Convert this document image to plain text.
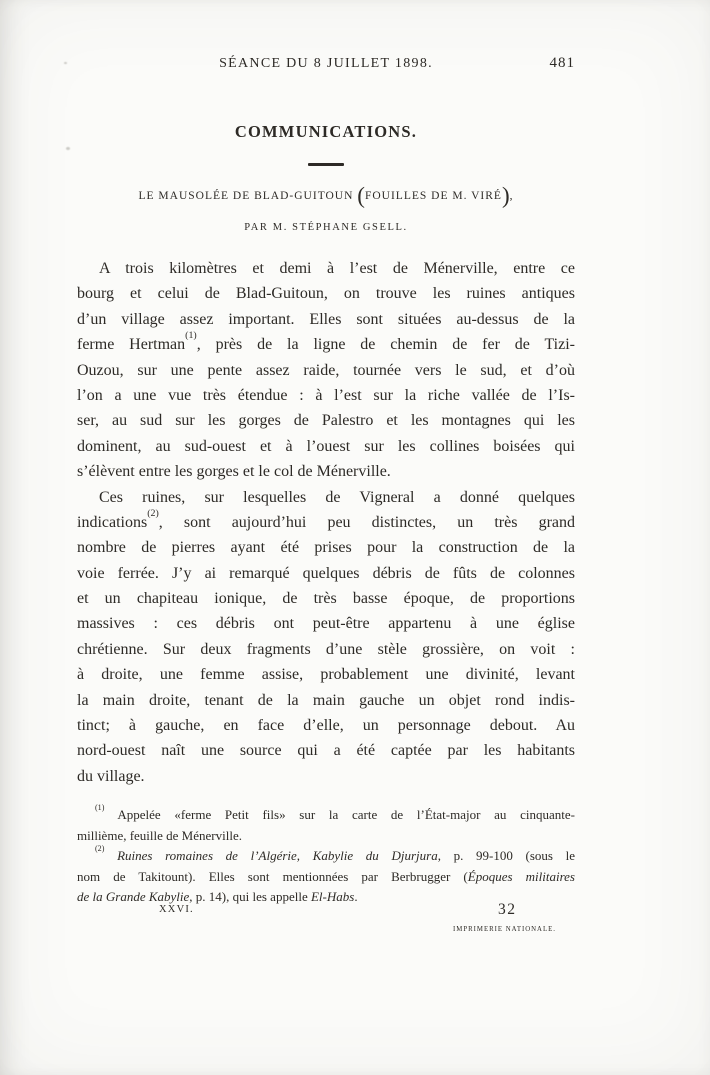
SÉANCE DU 8 JUILLET 1898.	481
COMMUNICATIONS.
LE MAUSOLÉE DE BLAD-GUITOUN (FOUILLES DE M. VIRÉ),
PAR M. STÉPHANE GSELL.
A trois kilomètres et demi à l’est de Ménerville, entre ce
bourg et celui de Blad-Guitoun, on trouve les ruines antiques
d’un village assez important. Elles sont situées au-dessus de la
ferme Hertman$^{(1)}$, près de la ligne de chemin de fer de Tizi-
Ouzou, sur une pente assez raide, tournée vers le sud, et d’où
l’on a une vue très étendue : à l’est sur la riche vallée de l’Is-
ser, au sud sur les gorges de Palestro et les montagnes qui les
dominent, au sud-ouest et à l’ouest sur les collines boisées qui
s’élèvent entre les gorges et le col de Ménerville.
Ces ruines, sur lesquelles de Vigneral a donné quelques
indications$^{(2)}$, sont aujourd’hui peu distinctes, un très grand
nombre de pierres ayant été prises pour la construction de la
voie ferrée. J’y ai remarqué quelques débris de fûts de colonnes
et un chapiteau ionique, de très basse époque, de proportions
massives : ces débris ont peut-être appartenu à une église
chrétienne. Sur deux fragments d’une stèle grossière, on voit :
à droite, une femme assise, probablement une divinité, levant
la main droite, tenant de la main gauche un objet rond indis-
tinct; à gauche, en face d’elle, un personnage debout. Au
nord-ouest naît une source qui a été captée par les habitants
du village.
$^{(1)}$ Appelée «ferme Petit fils» sur la carte de l’État-major au cinquante-
millième, feuille de Ménerville.
$^{(2)}$ Ruines romaines de l’Algérie, Kabylie du Djurjura, p. 99-100 (sous le
nom de Takitount). Elles sont mentionnées par Berbrugger (Époques militaires
de la Grande Kabylie, p. 14), qui les appelle El-Habs.
XXVI.	32
IMPRIMERIE NATIONALE.
